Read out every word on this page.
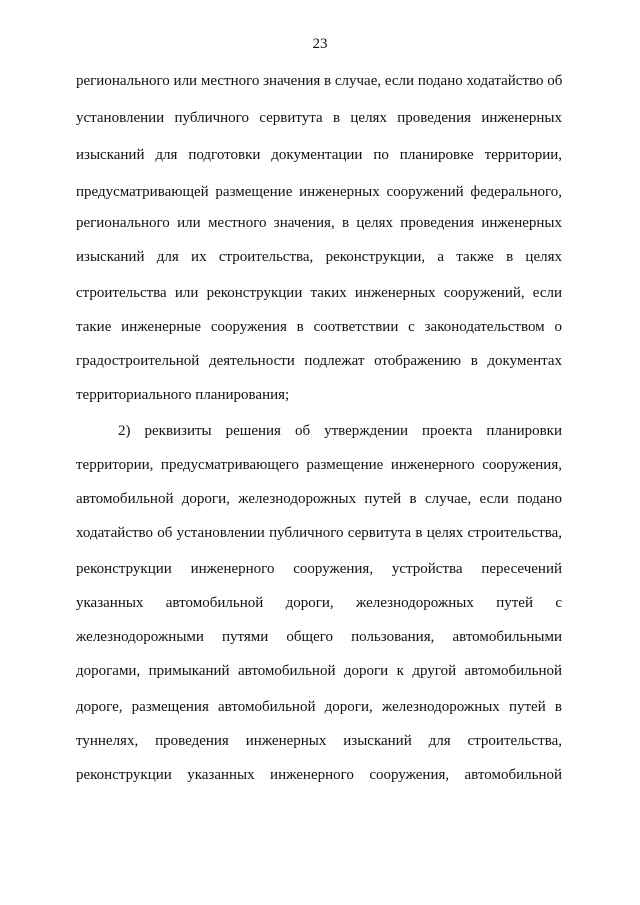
23
регионального или местного значения в случае, если подано ходатайство об
установлении публичного сервитута в целях проведения инженерных
изысканий для подготовки документации по планировке территории,
предусматривающей размещение инженерных сооружений федерального,
регионального или местного значения, в целях проведения инженерных
изысканий для их строительства, реконструкции, а также в целях
строительства или реконструкции таких инженерных сооружений, если
такие инженерные сооружения в соответствии с законодательством о
градостроительной деятельности подлежат отображению в документах
территориального планирования;
2) реквизиты решения об утверждении проекта планировки
территории, предусматривающего размещение инженерного сооружения,
автомобильной дороги, железнодорожных путей в случае, если подано
ходатайство об установлении публичного сервитута в целях строительства,
реконструкции инженерного сооружения, устройства пересечений
указанных автомобильной дороги, железнодорожных путей с
железнодорожными путями общего пользования, автомобильными
дорогами, примыканий автомобильной дороги к другой автомобильной
дороге, размещения автомобильной дороги, железнодорожных путей в
туннелях, проведения инженерных изысканий для строительства,
реконструкции указанных инженерного сооружения, автомобильной
